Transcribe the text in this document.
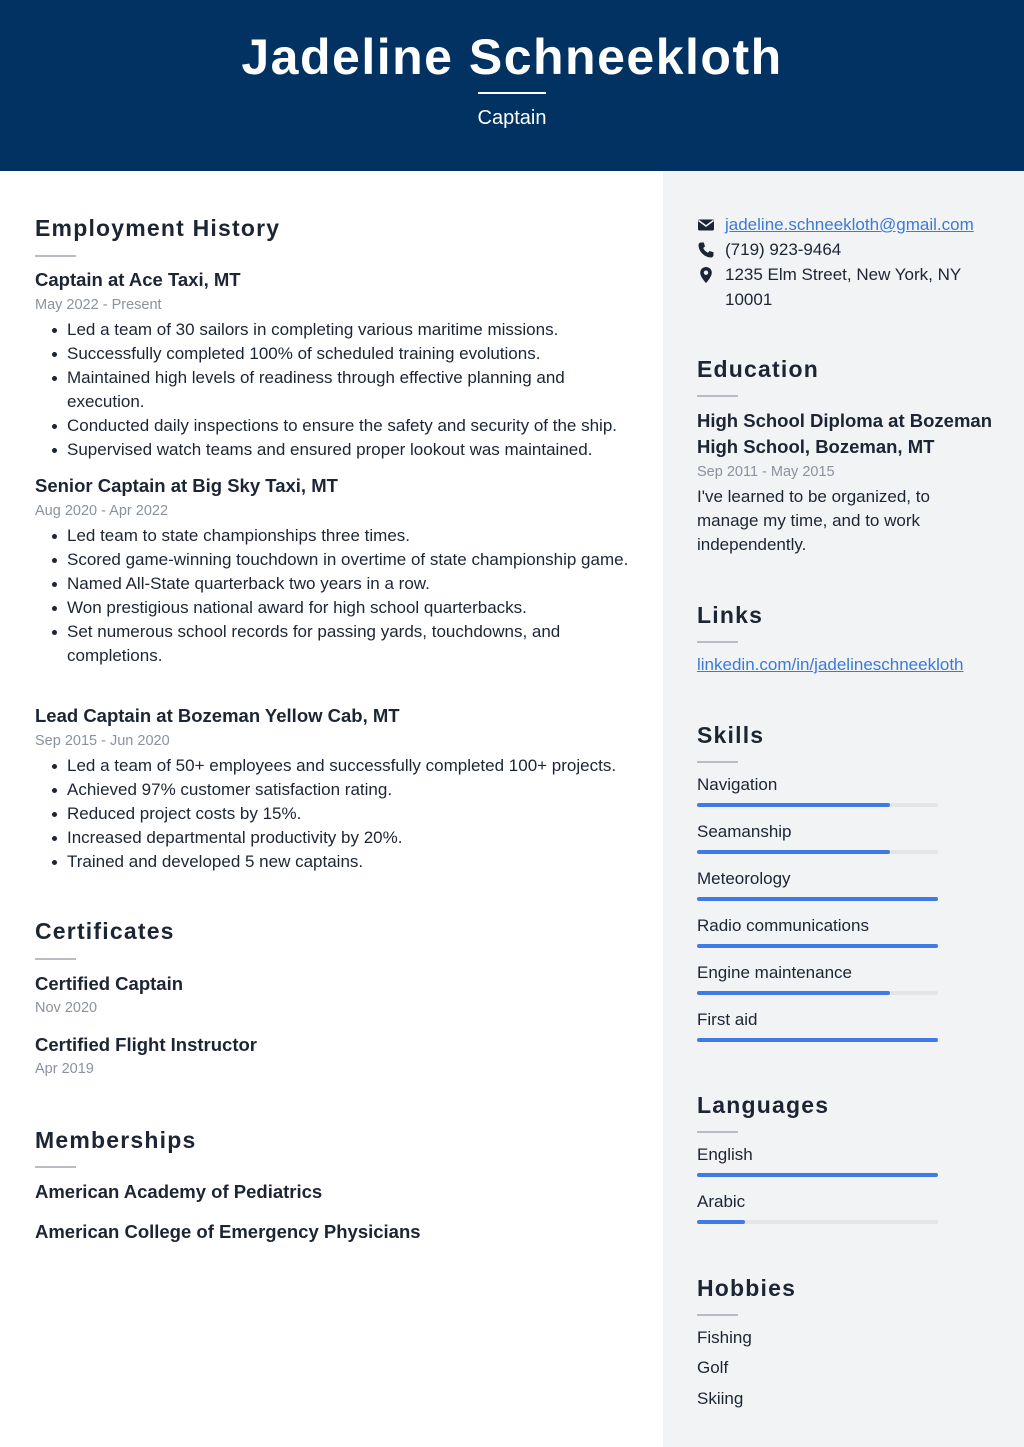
Jadeline Schneekloth
Captain
Employment History
Captain at Ace Taxi, MT
May 2022 - Present
Led a team of 30 sailors in completing various maritime missions.
Successfully completed 100% of scheduled training evolutions.
Maintained high levels of readiness through effective planning and execution.
Conducted daily inspections to ensure the safety and security of the ship.
Supervised watch teams and ensured proper lookout was maintained.
Senior Captain at Big Sky Taxi, MT
Aug 2020 - Apr 2022
Led team to state championships three times.
Scored game-winning touchdown in overtime of state championship game.
Named All-State quarterback two years in a row.
Won prestigious national award for high school quarterbacks.
Set numerous school records for passing yards, touchdowns, and completions.
Lead Captain at Bozeman Yellow Cab, MT
Sep 2015 - Jun 2020
Led a team of 50+ employees and successfully completed 100+ projects.
Achieved 97% customer satisfaction rating.
Reduced project costs by 15%.
Increased departmental productivity by 20%.
Trained and developed 5 new captains.
Certificates
Certified Captain
Nov 2020
Certified Flight Instructor
Apr 2019
Memberships
American Academy of Pediatrics
American College of Emergency Physicians
jadeline.schneekloth@gmail.com
(719) 923-9464
1235 Elm Street, New York, NY 10001
Education
High School Diploma at Bozeman High School, Bozeman, MT
Sep 2011 - May 2015
I've learned to be organized, to manage my time, and to work independently.
Links
linkedin.com/in/jadelineschneekloth
Skills
Navigation
Seamanship
Meteorology
Radio communications
Engine maintenance
First aid
Languages
English
Arabic
Hobbies
Fishing
Golf
Skiing
